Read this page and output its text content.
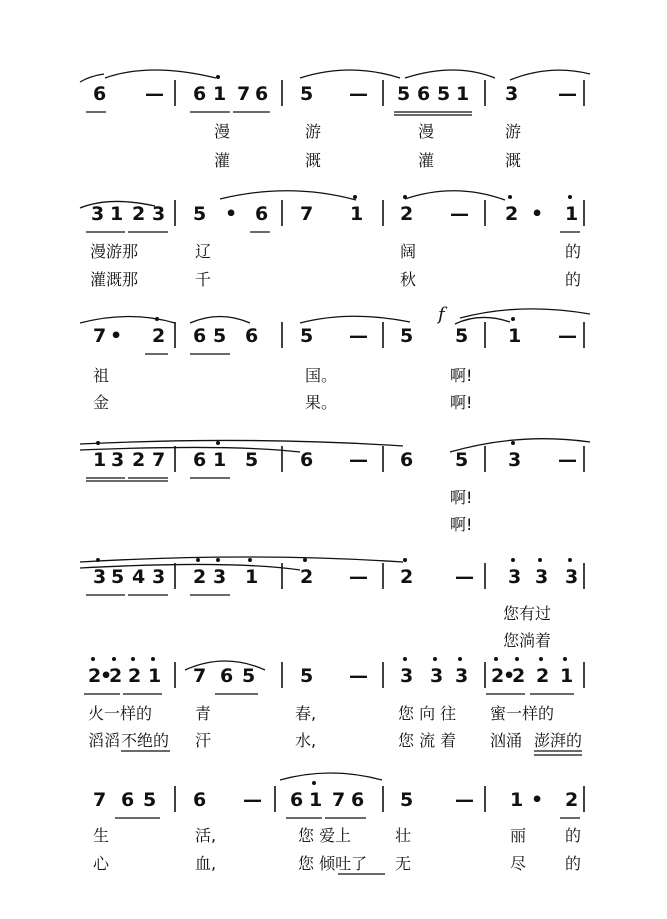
6 — 6 1 7 6 5 — 5 6 5 1 3 —
漫	游	漫	游
灌	溉	灌	溉
3 1 2 3 5 • 6 7 1 2 — 2 • 1
漫游那	辽	阔	的
灌溉那	千	秋	的
7 • 2 6 5 6 5 — 5 5 1 —
祖	国。	啊!
金	果。	啊!
f
1 3 2 7 6 1 5 6 — 6 5 3 —
啊!
啊!
3 5 4 3 2 3 1 2 — 2 — 3 3 3
您有过
您淌着
2
•
2 2 1 7 6 5 5 — 3 3 3 2
•
2 2 1
火一样的	青	春,	您 向 往 蜜一样的
滔滔 不绝的 汗	水,	您 流 着 汹涌 澎湃的
7 6 5 6 — 6 1 7 6 5 — 1 • 2
生	活,	您 爱上	壮	丽 的
心	血,	您 倾吐了 无	尽 的
